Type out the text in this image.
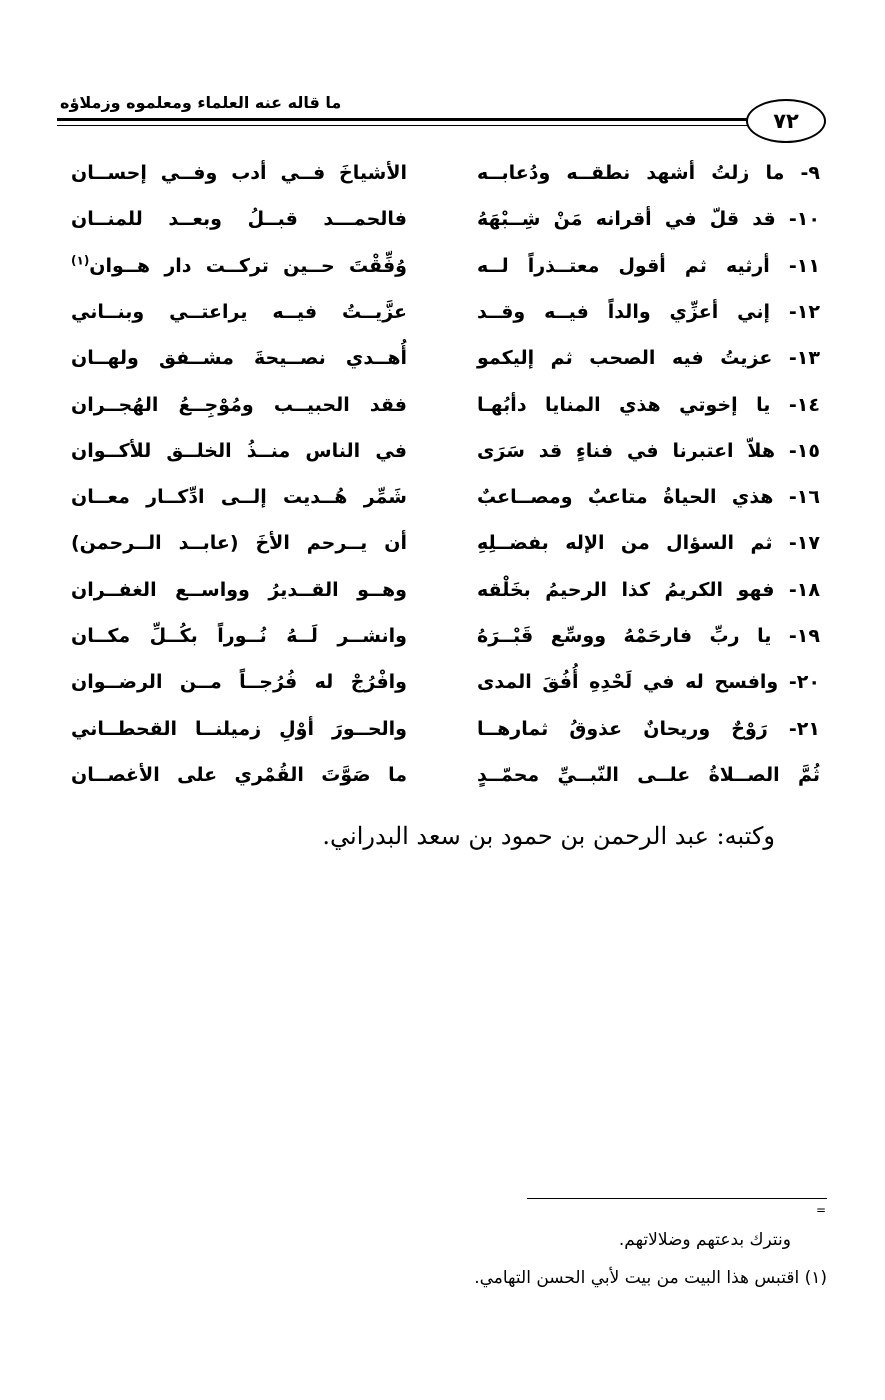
ما قاله عنه العلماء ومعلموه وزملاؤه
٧٢
٩- ما زلتُ أشهد نطقــه ودُعابــه
الأشياخَ فــي أدب وفــي إحســان
١٠- قد قلّ في أقرانه مَنْ شِــبْهَهُ
فالحمـــد قبــلُ وبعــد للمنــان
١١- أرثيه ثم أقول معتــذراً لــه
وُفِّقْتَ حــين تركــت دار هــوان$^{(١)}$
١٢- إني أعزِّي والداً فيــه وقــد
عزَّيــتُ فيــه يراعتــي وبنــاني
١٣- عزيتُ فيه الصحب ثم إليكمو
أُهــدي نصــيحةَ مشــفق ولهــان
١٤- يا إخوتي هذي المنايا دأبُهـا
فقد الحبيــب ومُوْجِــعُ الهُجــران
١٥- هلاّ اعتبرنا في فناءٍ قد سَرَى
في الناس منــذُ الخلــق للأكــوان
١٦- هذي الحياةُ متاعبٌ ومصــاعبٌ
شَمِّر هُــديت إلــى ادِّكــار معــان
١٧- ثم السؤال من الإله بفضــلِهِ
أن يــرحم الأخَ (عابــد الــرحمن)
١٨- فهو الكريمُ كذا الرحيمُ بخَلْقه
وهــو القــديرُ وواســع الغفــران
١٩- يا ربِّ فارحَمْهُ ووسِّع قَبْــرَهُ
وانشــر لَــهُ نُــوراً بكُــلِّ مكــان
٢٠- وافسح له في لَحْدِهِ أُفُقَ المدى
وافْرُجْ له فُرُجــاً مــن الرضــوان
٢١- رَوْحٌ وريحانٌ عذوقُ ثمارهــا
والحــورَ أوْلِ زميلنــا القحطــاني
ثُمَّ الصــلاةُ علــى النّبــيِّ محمّــدٍ
ما صَوَّتَ القُمْري على الأغصــان
وكتبه: عبد الرحمن بن حمود بن سعد البدراني.
=
ونترك بدعتهم وضلالاتهم.
(١) اقتبس هذا البيت من بيت لأبي الحسن التهامي.
